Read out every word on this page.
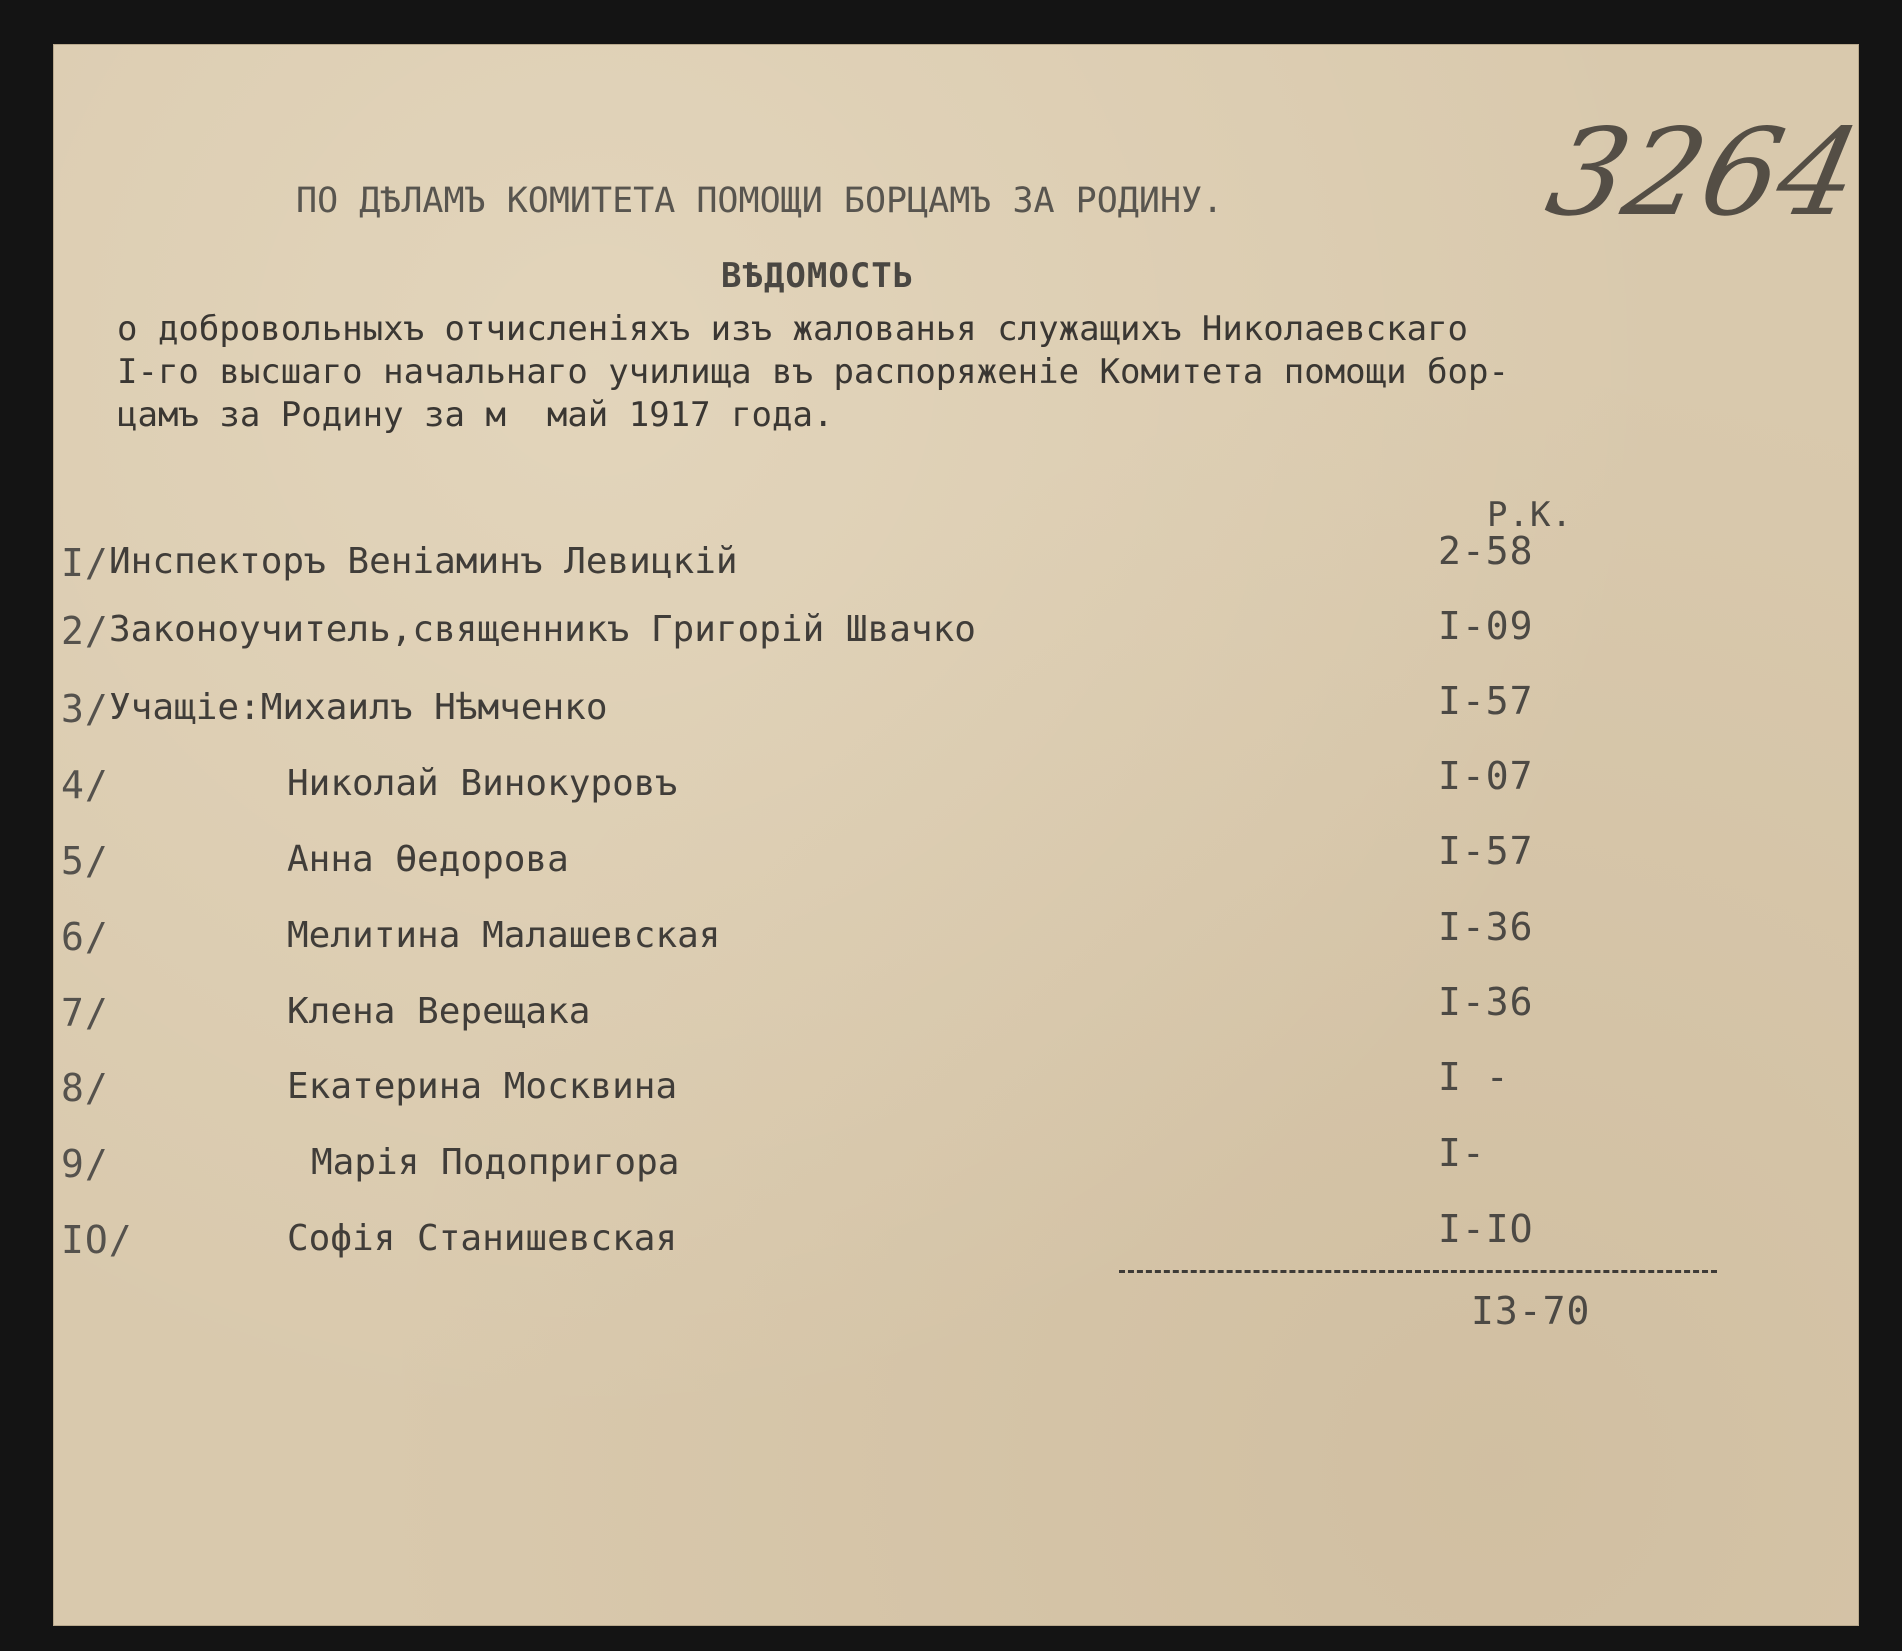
3264
ПО ДѢЛАМЪ КОМИТЕТА ПОМОЩИ БОРЦАМЪ ЗА РОДИНУ.
ВѢДОМОСТЬ
о добровольныхъ отчисленiяхъ изъ жалованья служащихъ Николаевскаго
I-го высшаго начальнаго училища въ распоряженiе Комитета помощи бор-
цамъ за Родину за м  май 1917 года.
Р.К.
I/ Инспекторъ Венiаминъ Левицкiй	2-58
2/ Законоучитель,священникъ Григорiй Швачко	I-09
3/ Учащiе:Михаилъ Нѣмченко	I-57
4/	Николай Винокуровъ	I-07
5/	Анна Ѳедорова	I-57
6/	Мелитина Малашевская	I-36
7/	Клена Верещака	I-36
8/	Екатерина Москвина	I -
9/	Марiя Подопригора	I-
IO/	Софiя Станишевская	I-IO
I3-70
